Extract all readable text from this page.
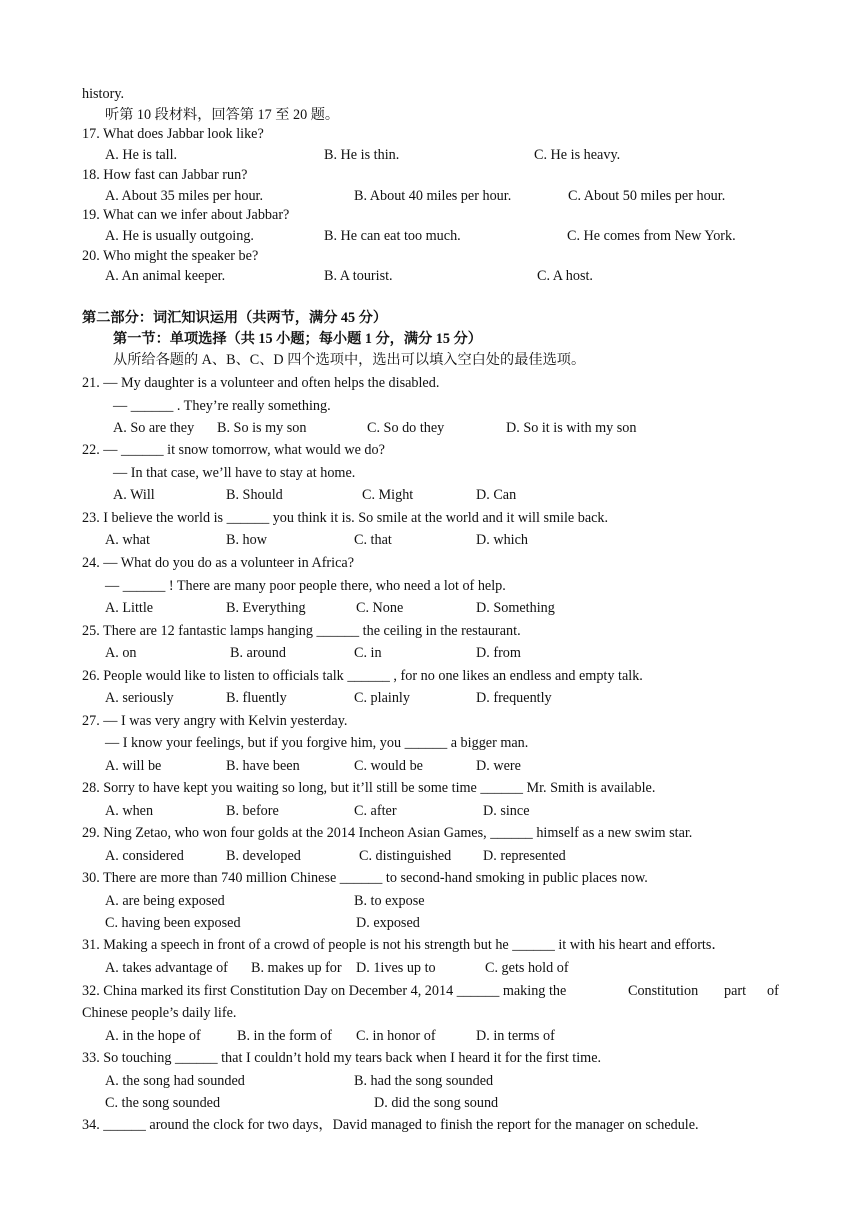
history.
听第 10 段材料，回答第 17 至 20 题。
17. What does Jabbar look like?
A. He is tall.	B. He is thin.	C. He is heavy.
18. How fast can Jabbar run?
A. About 35 miles per hour.	B. About 40 miles per hour.	C. About 50 miles per hour.
19. What can we infer about Jabbar?
A. He is usually outgoing.	B. He can eat too much.	C. He comes from New York.
20. Who might the speaker be?
A. An animal keeper.	B. A tourist.	C. A host.
第二部分：词汇知识运用（共两节，满分 45 分）
第一节：单项选择（共 15 小题；每小题 1 分，满分 15 分）
从所给各题的 A、B、C、D 四个选项中，选出可以填入空白处的最佳选项。
21. — My daughter is a volunteer and often helps the disabled.
— ______ . They’re really something.
A. So are they B. So is my son	C. So do they	D. So it is with my son
22. — ______ it snow tomorrow, what would we do?
— In that case, we’ll have to stay at home.
A. Will	B. Should	C. Might	D. Can
23. I believe the world is ______ you think it is. So smile at the world and it will smile back.
A. what	B. how	C. that	D. which
24. — What do you do as a volunteer in Africa?
— ______ ! There are many poor people there, who need a lot of help.
A. Little	B. Everything	C. None	D. Something
25. There are 12 fantastic lamps hanging ______ the ceiling in the restaurant.
A. on	B. around	C. in	D. from
26. People would like to listen to officials talk ______ , for no one likes an endless and empty talk.
A. seriously	B. fluently	C. plainly	D. frequently
27. — I was very angry with Kelvin yesterday.
— I know your feelings, but if you forgive him, you ______ a bigger man.
A. will be	B. have been	C. would be	D. were
28. Sorry to have kept you waiting so long, but it’ll still be some time ______ Mr. Smith is available.
A. when	B. before	C. after	D. since
29. Ning Zetao, who won four golds at the 2014 Incheon Asian Games, ______ himself as a new swim star.
A. considered	B. developed	C. distinguished D. represented
30. There are more than 740 million Chinese ______ to second-hand smoking in public places now.
A. are being exposed	B. to expose
C. having been exposed	D. exposed
31. Making a speech in front of a crowd of people is not his strength but he ______ it with his heart and efforts．
A. takes advantage of B. makes up for D. 1ives up to	C. gets hold of
32. China marked its first Constitution Day on December 4, 2014 ______ making the	Constitution part of
Chinese people’s daily life.
A. in the hope of	B. in the form of C. in honor of	D. in terms of
33. So touching ______ that I couldn’t hold my tears back when I heard it for the first time.
A. the song had sounded	B. had the song sounded
C. the song sounded	D. did the song sound
34. ______ around the clock for two days，David managed to finish the report for the manager on schedule.
